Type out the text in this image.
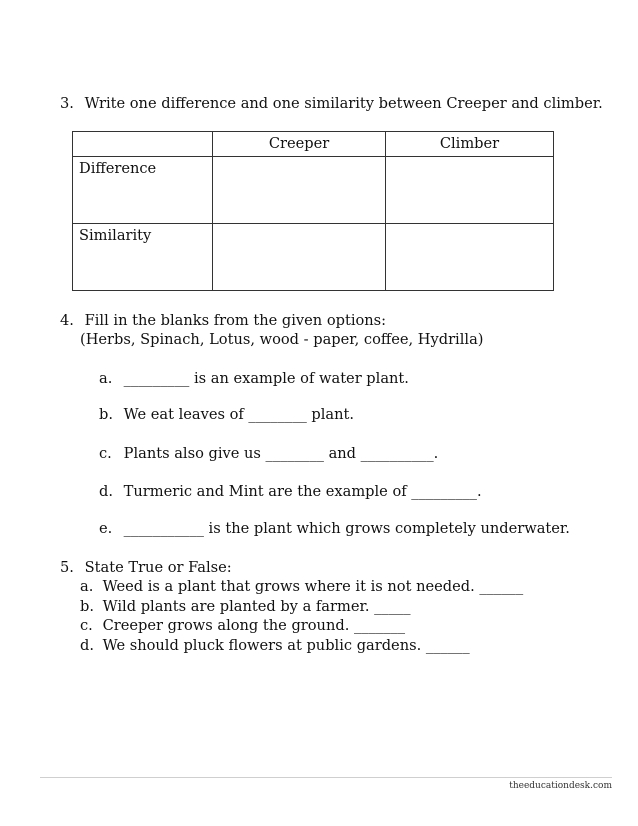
3. Write one difference and one similarity between Creeper and climber.
	Creeper	Climber
Difference		
Similarity		
4. Fill in the blanks from the given options:
(Herbs, Spinach, Lotus, wood - paper, coffee, Hydrilla)
a. _________ is an example of water plant.
b. We eat leaves of ________ plant.
c. Plants also give us ________ and __________.
d. Turmeric and Mint are the example of _________.
e. ___________ is the plant which grows completely underwater.
5. State True or False:
a. Weed is a plant that grows where it is not needed. ______
b. Wild plants are planted by a farmer. _____
c. Creeper grows along the ground. _______
d. We should pluck flowers at public gardens. ______
theeducationdesk.com
